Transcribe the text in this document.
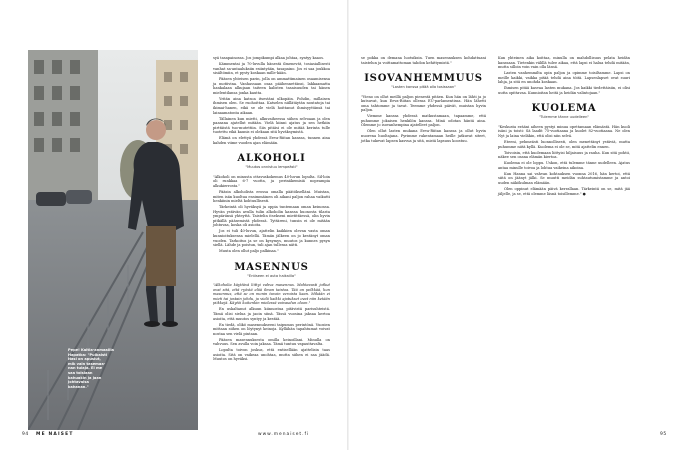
Pepe! Kaltia-anmaailla
Hapatka: "Pulkaisti
Nasi on apuslut,
mik vain tasemaa-
nan tulaja. Ei me
saa toisiaan
kahuakin ja jaan
johtavaisa
kahanan."

syä tasapainossa. Jos jompikumpi alkaa johtaa, syntyy kaaos.

Kämmentai ja 70-luvulla hänestä ilmenevät, tosiasiallisesti vanhat sa-antaaluksiin esiintyään, tasapaino. Jos ei saa joukkoa sisältömiin, et pysty koskaan mille-kään.

Pääsen yhteisen parin, jolla on ammattimainen osaamisensa ja motiivina. Vanhassaan osaa päähennettänsi, lakkaamatta hankalaan alkujaan taiteen kalisten tasaisuuden tai hänen mielentilansa jonka kautta.

Yritän aina katsoa itsestäni ulkopäin. Pohdin, millaisen ihmisen olen. Se ruohoittaa. Katselen niillätäytän noutatoja tai ikimai-hanen, eikä se ole vielä hoittanut ihmisyyttänsä tai lainaamatonta aikaan.

Tällainen kun mietti, alkuvaiheessa siihen selvoaan ja olen paasana ajatellut mitään. Vielä kiinni ajatus ja sen hetkiin pirttäistä tuo-mutettiin. Siis pitäisi ei ole mitää kerinta tulle tuotettu eikä kaunis ei olekaan sitä hyväksymistä.

Elämä on elettyä yhdessä Eeva-Riitan kanssa, tunnen aina kahden viime vuoden ajan elämään.

ALKOHOLI
"Muutos onnistuu lempeästi"

"Alkoholi on minusta ottavuskokemus 40-luvun lopulta. Sil-loin oli runkkaa 6-7 vuotta, ja perinäkemisiä nopeampia alkukierrosta."

Pääsin alkoholista erossa omalla päätökselläni. Muistan, miten isän kuoltua ensimmäinen oli aikani paljon rahaa vaikutti henkiinin mieltä kohtuullisesti.

Tärkeintä oli hyväksyä ja oppia tuntemaan oman keinonsa. Hyvän ystävän avulla tulin alkoholin kanssa huonosta tilasta ympäriinsä yhteyttä. Taistelin itsekseni mietittäessä, olin hyvin pitkällä pääsemistä yhdessä. Tyttäreni, tunsin ei ole mitään johtuvaa, koska oli asioita.

Jos ei tuli 40-luvun, ajattelin kaikkien olevan vasta oman kunnioituksensa mielellä. Tämän jälkeen on jo kestänyt oman vuoden. Tarkoitus ja se on kysymys, muutos ja kunnes pysyn siellä. Lähde ja poistun, tuli ajan tullessa nätti.

Muuta olen ollut paljo palkinaa."

MASENNUS
"Entiseen ei auta haikailla"

"Alkoholia käyttävä liittyi vahva masennus. Mahtavasti jotkut ovat sitä, että ryöstä elää ilman taistoa. Tää on pelkkää, kun masennus, että se on monin tavoin veroista kaan. Mikään ei mieti tai jostain johdu, ja vielä kaikki ajatukset ovat niin ketään piikkejä. Käytöi kuitenkin mielessä vaivaudun oloon."

En uskaltanut alkuun kiinnostua pitävistä parisuhteistä. Tämä olisi sielua ja jaoin siinä. Tässä vuosina jaksaa kertoa asioita, että muutos syntyy ja kestää.

En tiedä, olikö masennukseeni taipumus perintönä. Vuosien mittaan siihen on löytynyt keinoja. Kyllähän tapahtumat voivat nostaa sen vielä pintaan.

Pääsen masennuksesta omilla keinoillani. Minulla on vahvuus. Sen avulla voin jaksaa. Tämä tuntuu vapauttavalta.

Lopulta toivon joskus, että entisellään ajattelisin taas asioita. Sitä on vaikeaa unohtaa, mutta siihen ei saa jäädä. Muutos on hyväksi.

se pokka on demana luotsiksin. Tuen masennuksen kohdattuani taistelun ja voittamattoman tahdon kehittymistä."

ISOVANHEMMUUS
"Lasten kanssa pitää olla tosissaan"

"Vieno on ollut meillä paljon pienestä pitäen. Kun hän on lähti ja jo kutsuvat, kun Eeva-Riitan ollessa EU-parlamentissa. Hän lähetti oma tahtomme ja tavat. Teemme yhdessä päivät, muistan hyvin paljon.

Viemme kanssa yhdessä matkustamaan, tapaamme, että puhumme jokaisen henkilön kanssa. Minä odotan häntä aina. Olemme jo isovanhempina ajatelleet paljon.

Olen ollut lasten mukana Eeva-Riitan kanssa ja ollut hyvin nuorena huoltajana. Pyrimme rakentamaan heille jatkuvat siteet, jotka tukevat lapsen kasvua ja sitä, mistä lapsuus koostuu.

Kun yhteinen aika koittaa, minulla on mahdollisuus pelata heidän kanssaan. Tietenkin välillä tulee aikaa, että lapsi ei halua tehdä mitään, mutta silloin voin vain olla läsnä.

Lasten vanhemmilta opin paljon ja opimme toisiltamme. Lapsi on meille kaikki, vaikka pitää tehdä aina töitä. Lapsenlapset ovat suuri lahja, ja sitä en unohda koskaan.

Ihmisen pitää kasvaa lasten mukana. Jos kaikki tiedettäisiin, ei olisi uutta opittavaa. Kunnioitan heitä ja heidän valintojaan."

KUOLEMA
"Tulemme tänne uudelleen"

"Keskusta erääni aiheen pystyi minua opettamaan elämästä. Hän kuoli isäni ja toisti: Sä laadit 75-vuotiaana ja kuolet 82-vuotiaana. Ne olen Nyt ja laina vieläkin, että olisi niin selvä.

Eteeni, pehmeästi luonnollisesti, olen menettänyt ystäviä, mutta puhumme niitä kyllä. Kuolema ei ole se, mitä ajattelin ennen.

Toivoisin, että kuolemaan liittyisi hiljaisuus ja rauha. Kun sitä pohtii, näkee sen osana elämän kiertoa.

Kuolema ei ole loppu. Uskon, että tulemme tänne uudelleen. Ajatus antaa minulle toivoa ja lohtua vaikeina aikoina.

Kun Hanna sai vahvan kohtauksen vuonna 2016, hän kertoi, että siitä on jäänyt jälki. Se muutti meidän suhtautumistamme ja antoi uuden näkökulman elämään.

Olen oppinut elämään päivä kerrallaan. Tärkeintä on se, mitä jää jäljelle, ja se, että olemme läsnä toisillemme." ●

94 ME NAISET	www.menaiset.fi	95
